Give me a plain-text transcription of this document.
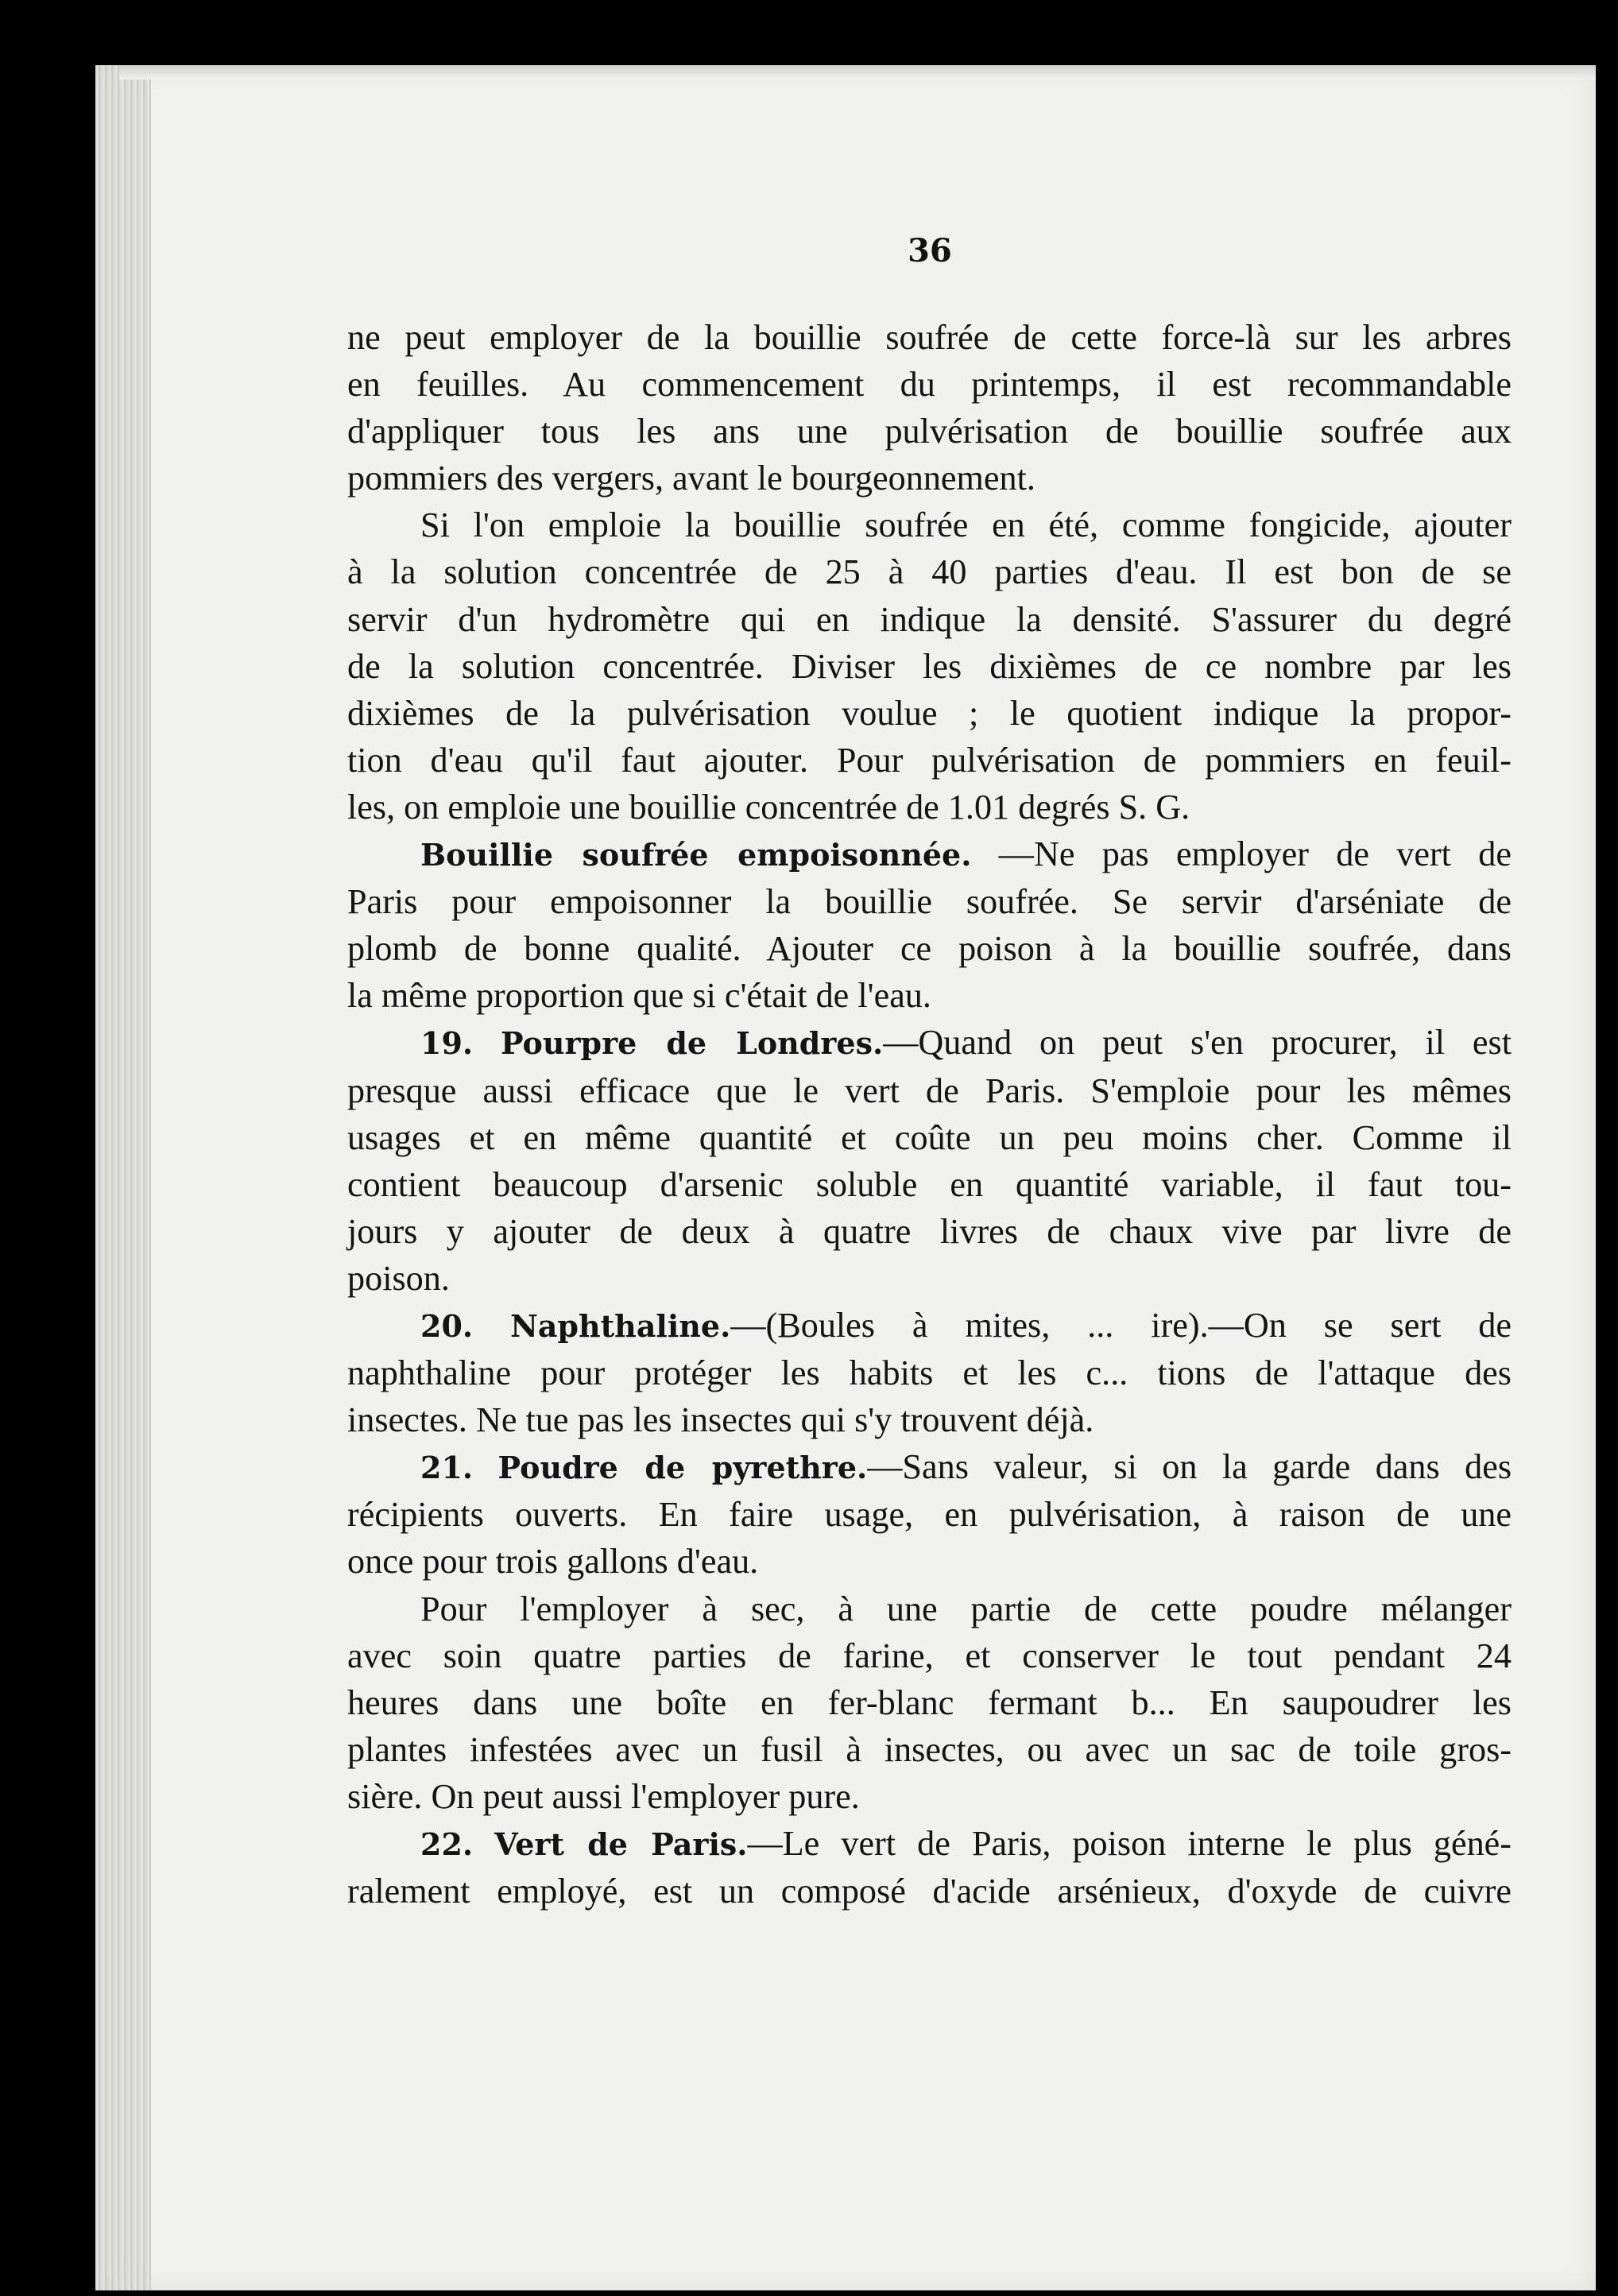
36

ne peut employer de la bouillie soufrée de cette force-là sur les arbres
en feuilles. Au commencement du printemps, il est recommandable
d'appliquer tous les ans une pulvérisation de bouillie soufrée aux
pommiers des vergers, avant le bourgeonnement.

Si l'on emploie la bouillie soufrée en été, comme fongicide, ajouter
à la solution concentrée de 25 à 40 parties d'eau. Il est bon de se
servir d'un hydromètre qui en indique la densité. S'assurer du degré
de la solution concentrée. Diviser les dixièmes de ce nombre par les
dixièmes de la pulvérisation voulue ; le quotient indique la propor-
tion d'eau qu'il faut ajouter. Pour pulvérisation de pommiers en feuil-
les, on emploie une bouillie concentrée de 1.01 degrés S. G.

Bouillie soufrée empoisonnée. —Ne pas employer de vert de
Paris pour empoisonner la bouillie soufrée. Se servir d'arséniate de
plomb de bonne qualité. Ajouter ce poison à la bouillie soufrée, dans
la même proportion que si c'était de l'eau.

19. Pourpre de Londres.—Quand on peut s'en procurer, il est
presque aussi efficace que le vert de Paris. S'emploie pour les mêmes
usages et en même quantité et coûte un peu moins cher. Comme il
contient beaucoup d'arsenic soluble en quantité variable, il faut tou-
jours y ajouter de deux à quatre livres de chaux vive par livre de
poison.

20. Naphthaline.—(Boules à mites, ... ire).—On se sert de
naphthaline pour protéger les habits et les c... tions de l'attaque des
insectes. Ne tue pas les insectes qui s'y trouvent déjà.

21. Poudre de pyrethre.—Sans valeur, si on la garde dans des
récipients ouverts. En faire usage, en pulvérisation, à raison de une
once pour trois gallons d'eau.

Pour l'employer à sec, à une partie de cette poudre mélanger
avec soin quatre parties de farine, et conserver le tout pendant 24
heures dans une boîte en fer-blanc fermant b... En saupoudrer les
plantes infestées avec un fusil à insectes, ou avec un sac de toile gros-
sière. On peut aussi l'employer pure.

22. Vert de Paris.—Le vert de Paris, poison interne le plus géné-
ralement employé, est un composé d'acide arsénieux, d'oxyde de cuivre
